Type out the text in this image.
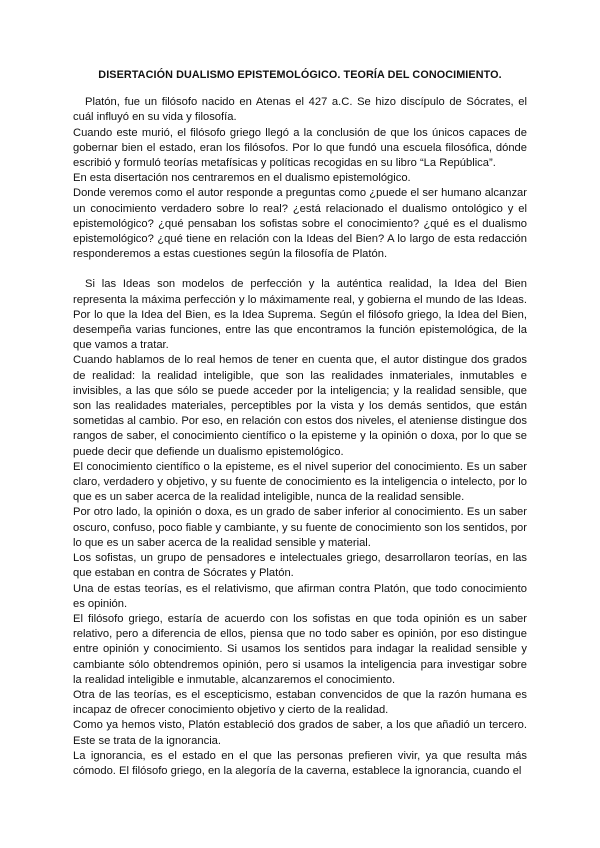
DISERTACIÓN DUALISMO EPISTEMOLÓGICO. TEORÍA DEL CONOCIMIENTO.

Platón, fue un filósofo nacido en Atenas el 427 a.C. Se hizo discípulo de Sócrates, el cuál influyó en su vida y filosofía.

Cuando este murió, el filósofo griego llegó a la conclusión de que los únicos capaces de gobernar bien el estado, eran los filósofos. Por lo que fundó una escuela filosófica, dónde escribió y formuló teorías metafísicas y políticas recogidas en su libro “La República”.

En esta disertación nos centraremos en el dualismo epistemológico.

Donde veremos como el autor responde a preguntas como ¿puede el ser humano alcanzar un conocimiento verdadero sobre lo real? ¿está relacionado el dualismo ontológico y el epistemológico? ¿qué pensaban los sofistas sobre el conocimiento? ¿qué es el dualismo epistemológico? ¿qué tiene en relación con la Ideas del Bien? A lo largo de esta redacción responderemos a estas cuestiones según la filosofía de Platón.

Si las Ideas son modelos de perfección y la auténtica realidad, la Idea del Bien representa la máxima perfección y lo máximamente real, y gobierna el mundo de las Ideas. Por lo que la Idea del Bien, es la Idea Suprema. Según el filósofo griego, la Idea del Bien, desempeña varias funciones, entre las que encontramos la función epistemológica, de la que vamos a tratar.

Cuando hablamos de lo real hemos de tener en cuenta que, el autor distingue dos grados de realidad: la realidad inteligible, que son las realidades inmateriales, inmutables e invisibles, a las que sólo se puede acceder por la inteligencia; y la realidad sensible, que son las realidades materiales, perceptibles por la vista y los demás sentidos, que están sometidas al cambio. Por eso, en relación con estos dos niveles, el ateniense distingue dos rangos de saber, el conocimiento científico o la episteme y la opinión o doxa, por lo que se puede decir que defiende un dualismo epistemológico.

El conocimiento científico o la episteme, es el nivel superior del conocimiento. Es un saber claro, verdadero y objetivo, y su fuente de conocimiento es la inteligencia o intelecto, por lo que es un saber acerca de la realidad inteligible, nunca de la realidad sensible.

Por otro lado, la opinión o doxa, es un grado de saber inferior al conocimiento. Es un saber oscuro, confuso, poco fiable y cambiante, y su fuente de conocimiento son los sentidos, por lo que es un saber acerca de la realidad sensible y material.

Los sofistas, un grupo de pensadores e intelectuales griego, desarrollaron teorías, en las que estaban en contra de Sócrates y Platón.

Una de estas teorías, es el relativismo, que afirman contra Platón, que todo conocimiento es opinión.

El filósofo griego, estaría de acuerdo con los sofistas en que toda opinión es un saber relativo, pero a diferencia de ellos, piensa que no todo saber es opinión, por eso distingue entre opinión y conocimiento. Si usamos los sentidos para indagar la realidad sensible y cambiante sólo obtendremos opinión, pero si usamos la inteligencia para investigar sobre la realidad inteligible e inmutable, alcanzaremos el conocimiento.

Otra de las teorías, es el escepticismo, estaban convencidos de que la razón humana es incapaz de ofrecer conocimiento objetivo y cierto de la realidad.

Como ya hemos visto, Platón estableció dos grados de saber, a los que añadió un tercero. Este se trata de la ignorancia.

La ignorancia, es el estado en el que las personas prefieren vivir, ya que resulta más cómodo. El filósofo griego, en la alegoría de la caverna, establece la ignorancia, cuando el
